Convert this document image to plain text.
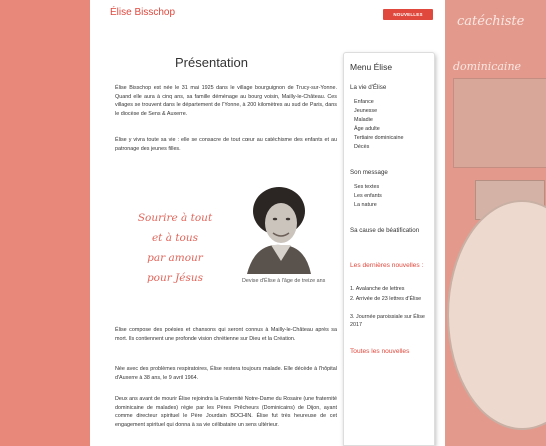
catéchiste
dominicaine
Élise Bisschop	NOUVELLES
Présentation
Élise Bisschop est née le 31 mai 1925 dans le village bourguignon de Trucy-sur-Yonne. Quand elle aura à cinq ans, sa famille déménage au bourg voisin, Mailly-le-Château. Ces villages se trouvent dans le département de l'Yonne, à 200 kilomètres au sud de Paris, dans le diocèse de Sens & Auxerre.
Élise y vivra toute sa vie : elle se consacre de tout cœur au catéchisme des enfants et au patronage des jeunes filles.
Sourire à tout
et à tous
par amour
pour Jésus	Devise d'Élise à l'âge de treize ans
Élise compose des poésies et chansons qui seront connus à Mailly-le-Château après sa mort. Ils contiennent une profonde vision chrétienne sur Dieu et la Création.
Née avec des problèmes respiratoires, Élise restera toujours malade. Elle décède à l'hôpital d'Auxerre à 38 ans, le 9 avril 1964.
Deux ans avant de mourir Élise rejoindra la Fraternité Notre-Dame du Rosaire (une fraternité dominicaine de malades) régie par les Pères Prêcheurs (Dominicains) de Dijon, ayant comme directeur spirituel le Père Jourdain BOCHIN. Élise fut très heureuse de cet engagement spirituel qui donna à sa vie célibataire un sens ultérieur.
Menu Élise
La vie d'Élise
Enfance
Jeunesse
Maladie
Âge adulte
Tertiaire dominicaine
Décès
Son message
Ses textes
Les enfants
La nature
Sa cause de béatification
Les dernières nouvelles :
1. Avalanche de lettres
2. Arrivée de 23 lettres d'Élise
3. Journée paroissiale sur Élise 2017
Toutes les nouvelles
